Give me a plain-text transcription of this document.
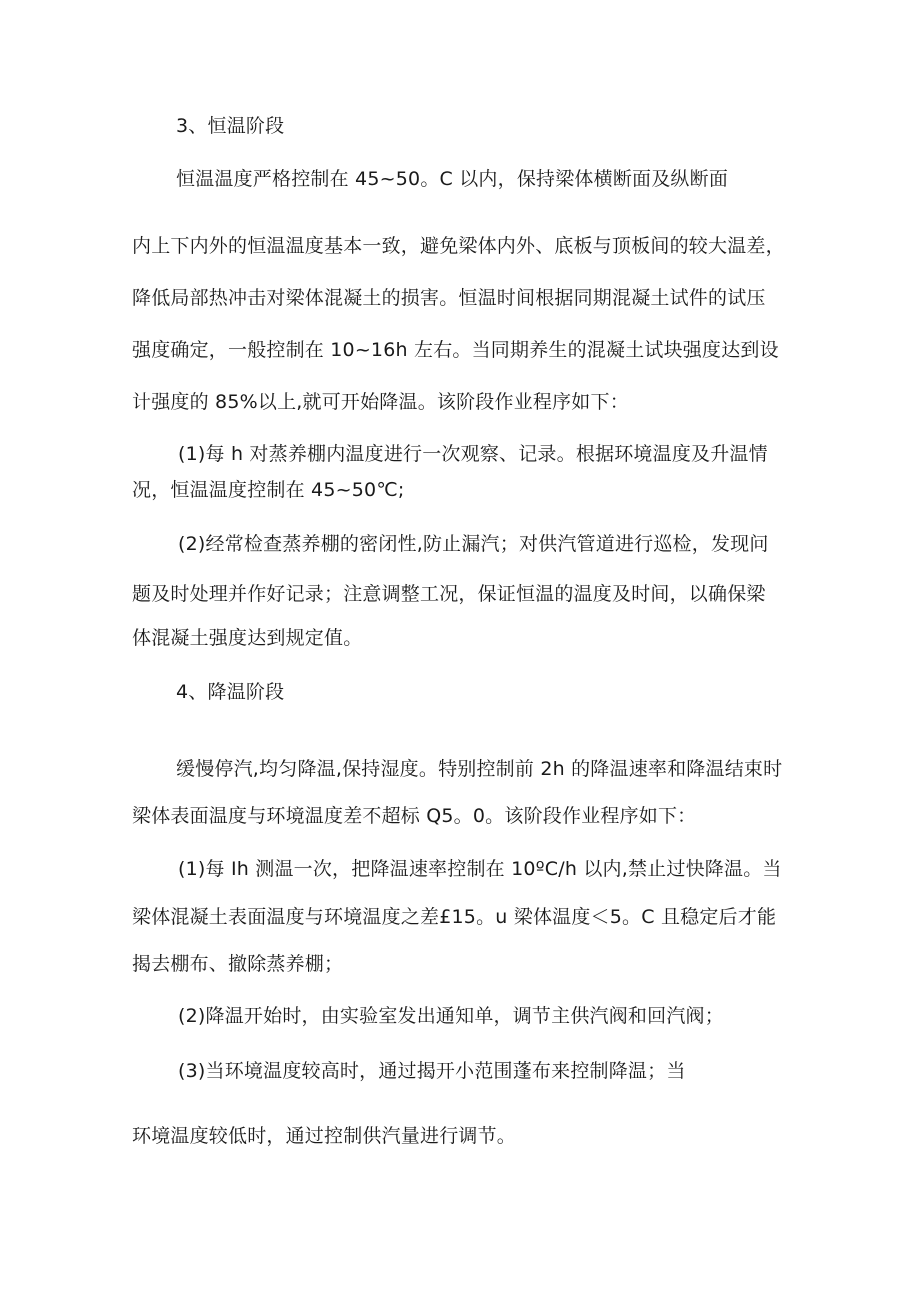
3、恒温阶段
恒温温度严格控制在 45~50。C 以内，保持梁体横断面及纵断面
内上下内外的恒温温度基本一致，避免梁体内外、底板与顶板间的较大温差，
降低局部热冲击对梁体混凝土的损害。恒温时间根据同期混凝土试件的试压
强度确定，一般控制在 10~16h 左右。当同期养生的混凝土试块强度达到设
计强度的 85%以上,就可开始降温。该阶段作业程序如下：
(1)每 h 对蒸养棚内温度进行一次观察、记录。根据环境温度及升温情
况，恒温温度控制在 45~50℃;
(2)经常检查蒸养棚的密闭性,防止漏汽；对供汽管道进行巡检，发现问
题及时处理并作好记录；注意调整工况，保证恒温的温度及时间，以确保梁
体混凝土强度达到规定值。
4、降温阶段
缓慢停汽,均匀降温,保持湿度。特别控制前 2h 的降温速率和降温结束时
梁体表面温度与环境温度差不超标 Q5。0。该阶段作业程序如下：
(1)每 Ih 测温一次，把降温速率控制在 10ºC/h 以内,禁止过快降温。当
梁体混凝土表面温度与环境温度之差£15。u 梁体温度＜5。C 且稳定后才能
揭去棚布、撤除蒸养棚；
(2)降温开始时，由实验室发出通知单，调节主供汽阀和回汽阀；
(3)当环境温度较高时，通过揭开小范围蓬布来控制降温；当
环境温度较低时，通过控制供汽量进行调节。
